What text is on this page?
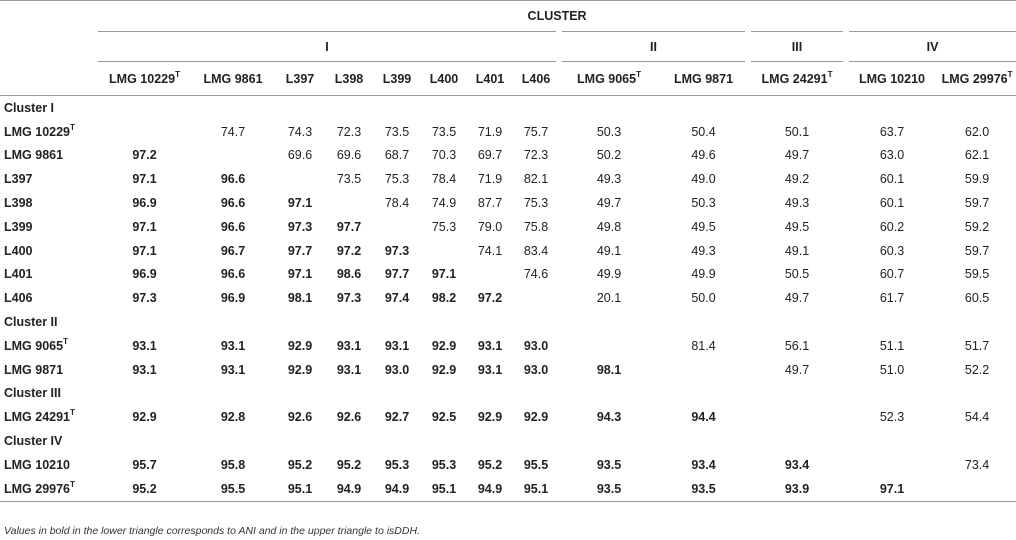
	CLUSTER												
	I								II		III	IV	
	LMG $10229^T$	LMG 9861	L397	L398	L399	L400	L401	L406	LMG $9065^T$	LMG 9871	LMG $24291^T$	LMG 10210	LMG $29976^T$
Cluster I													
LMG $10229^T$		74.7	74.3	72.3	73.5	73.5	71.9	75.7	50.3	50.4	50.1	63.7	62.0
LMG 9861	97.2		69.6	69.6	68.7	70.3	69.7	72.3	50.2	49.6	49.7	63.0	62.1
L397	97.1	96.6		73.5	75.3	78.4	71.9	82.1	49.3	49.0	49.2	60.1	59.9
L398	96.9	96.6	97.1		78.4	74.9	87.7	75.3	49.7	50.3	49.3	60.1	59.7
L399	97.1	96.6	97.3	97.7		75.3	79.0	75.8	49.8	49.5	49.5	60.2	59.2
L400	97.1	96.7	97.7	97.2	97.3		74.1	83.4	49.1	49.3	49.1	60.3	59.7
L401	96.9	96.6	97.1	98.6	97.7	97.1		74.6	49.9	49.9	50.5	60.7	59.5
L406	97.3	96.9	98.1	97.3	97.4	98.2	97.2		20.1	50.0	49.7	61.7	60.5
Cluster II													
LMG $9065^T$	93.1	93.1	92.9	93.1	93.1	92.9	93.1	93.0		81.4	56.1	51.1	51.7
LMG 9871	93.1	93.1	92.9	93.1	93.0	92.9	93.1	93.0	98.1		49.7	51.0	52.2
Cluster III													
LMG $24291^T$	92.9	92.8	92.6	92.6	92.7	92.5	92.9	92.9	94.3	94.4		52.3	54.4
Cluster IV													
LMG 10210	95.7	95.8	95.2	95.2	95.3	95.3	95.2	95.5	93.5	93.4	93.4		73.4
LMG $29976^T$	95.2	95.5	95.1	94.9	94.9	95.1	94.9	95.1	93.5	93.5	93.9	97.1	
Values in bold in the lower triangle corresponds to ANI and in the upper triangle to isDDH.
